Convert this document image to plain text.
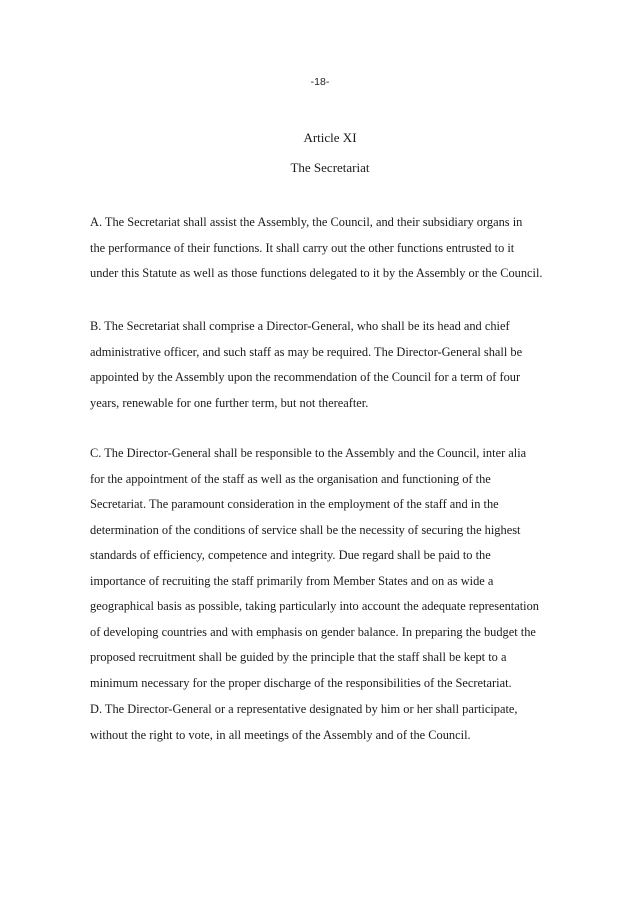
-18-
Article XI
The Secretariat

A. The Secretariat shall assist the Assembly, the Council, and their subsidiary organs in
the performance of their functions. It shall carry out the other functions entrusted to it
under this Statute as well as those functions delegated to it by the Assembly or the Council.

B. The Secretariat shall comprise a Director-General, who shall be its head and chief
administrative officer, and such staff as may be required. The Director-General shall be
appointed by the Assembly upon the recommendation of the Council for a term of four
years, renewable for one further term, but not thereafter.

C. The Director-General shall be responsible to the Assembly and the Council, inter alia
for the appointment of the staff as well as the organisation and functioning of the
Secretariat. The paramount consideration in the employment of the staff and in the
determination of the conditions of service shall be the necessity of securing the highest
standards of efficiency, competence and integrity. Due regard shall be paid to the
importance of recruiting the staff primarily from Member States and on as wide a
geographical basis as possible, taking particularly into account the adequate representation
of developing countries and with emphasis on gender balance. In preparing the budget the
proposed recruitment shall be guided by the principle that the staff shall be kept to a
minimum necessary for the proper discharge of the responsibilities of the Secretariat.

D. The Director-General or a representative designated by him or her shall participate,
without the right to vote, in all meetings of the Assembly and of the Council.
